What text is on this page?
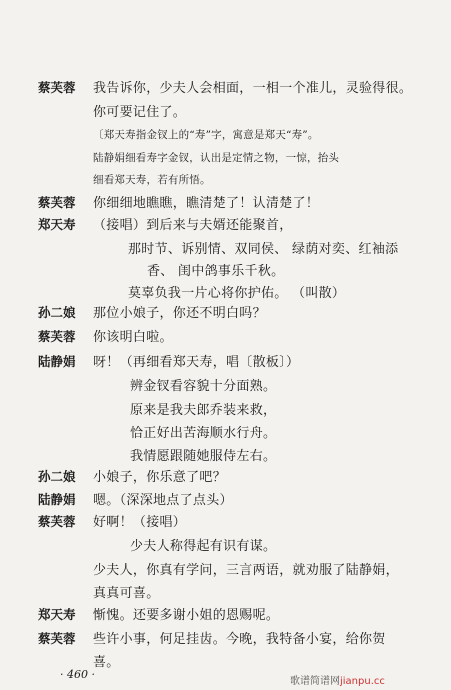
蔡芙蓉 我告诉你，少夫人会相面，一相一个准儿，灵验得很。
你可要记住了。
〔郑天寿指金钗上的“寿”字，寓意是郑天“寿”。
陆静娟细看寿字金钗，认出是定情之物，一惊，抬头
细看郑天寿，若有所悟。
蔡芙蓉 你细细地瞧瞧，瞧清楚了！认清楚了！
郑天寿 （接唱）到后来与夫婿还能聚首，
那时节、诉别情、双同侯、 绿荫对奕、红袖添
香、 闺中鸽事乐千秋。
莫辜负我一片心将你护佑。 （叫散）
孙二娘 那位小娘子，你还不明白吗？
蔡芙蓉 你该明白啦。
陆静娟 呀！（再细看郑天寿，唱〔散板〕）
辨金钗看容貌十分面熟。
原来是我夫郎乔装来救，
恰正好出苦海顺水行舟。
我情愿跟随她服侍左右。
孙二娘 小娘子，你乐意了吧？
陆静娟 嗯。（深深地点了点头）
蔡芙蓉 好啊！（接唱）
少夫人称得起有识有谋。
少夫人，你真有学问，三言两语，就劝服了陆静娟，
真真可喜。
郑天寿 惭愧。还要多谢小姐的恩赐呢。
蔡芙蓉 些许小事，何足挂齿。今晚，我特备小宴，给你贺
喜。
· 460 ·
歌谱简谱网jianpu.cc
